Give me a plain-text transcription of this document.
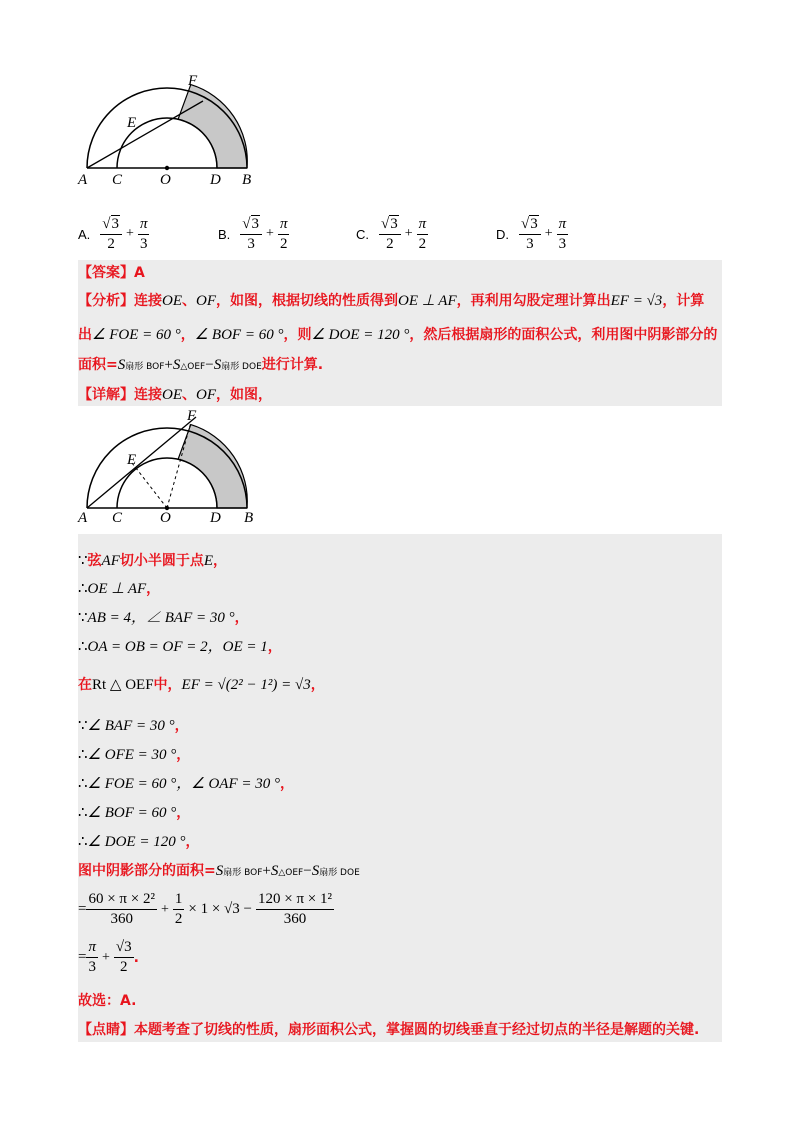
A C	O	D B
E
F
A. $\frac{√3}{2} + \frac{\pi}{3}$	B. $\frac{√3}{3} + \frac{\pi}{2}$	C. $\frac{√3}{2} + \frac{\pi}{2}$	D. $\frac{√3}{3} + \frac{\pi}{3}$
【答案】A
【分析】连接OE、OF，如图，根据切线的性质得到OE ⊥ AF，再利用勾股定理计算出EF = √3，计算
出∠ FOE = 60 °，∠ BOF = 60 °，则∠ DOE = 120 °，然后根据扇形的面积公式，利用图中阴影部分的
面积=S扇形 BOF+S△OEF−S扇形 DOE进行计算.
【详解】连接OE、OF，如图，
A C	O	D B
E
F
∵弦AF切小半圆于点E，
∴OE ⊥ AF，
∵AB = 4，∠ BAF = 30 °，
∴OA = OB = OF = 2，OE = 1，
在Rt △ OEF中，EF = √(2² − 1²) = √3，
∵∠ BAF = 30 °，
∴∠ OFE = 30 °，
∴∠ FOE = 60 °，∠ OAF = 30 °，
∴∠ BOF = 60 °，
∴∠ DOE = 120 °，
图中阴影部分的面积=S扇形 BOF+S△OEF−S扇形 DOE
= $\frac{\text{60 × π × 2²}}{360} + \frac{1}{2} \times 1 \times √3 - \frac{\text{120 × π × 1²}}{360}$
= $\frac{\pi}{3} + \frac{√3}{2}$ .
故选：A.
【点睛】本题考查了切线的性质，扇形面积公式，掌握圆的切线垂直于经过切点的半径是解题的关键.
